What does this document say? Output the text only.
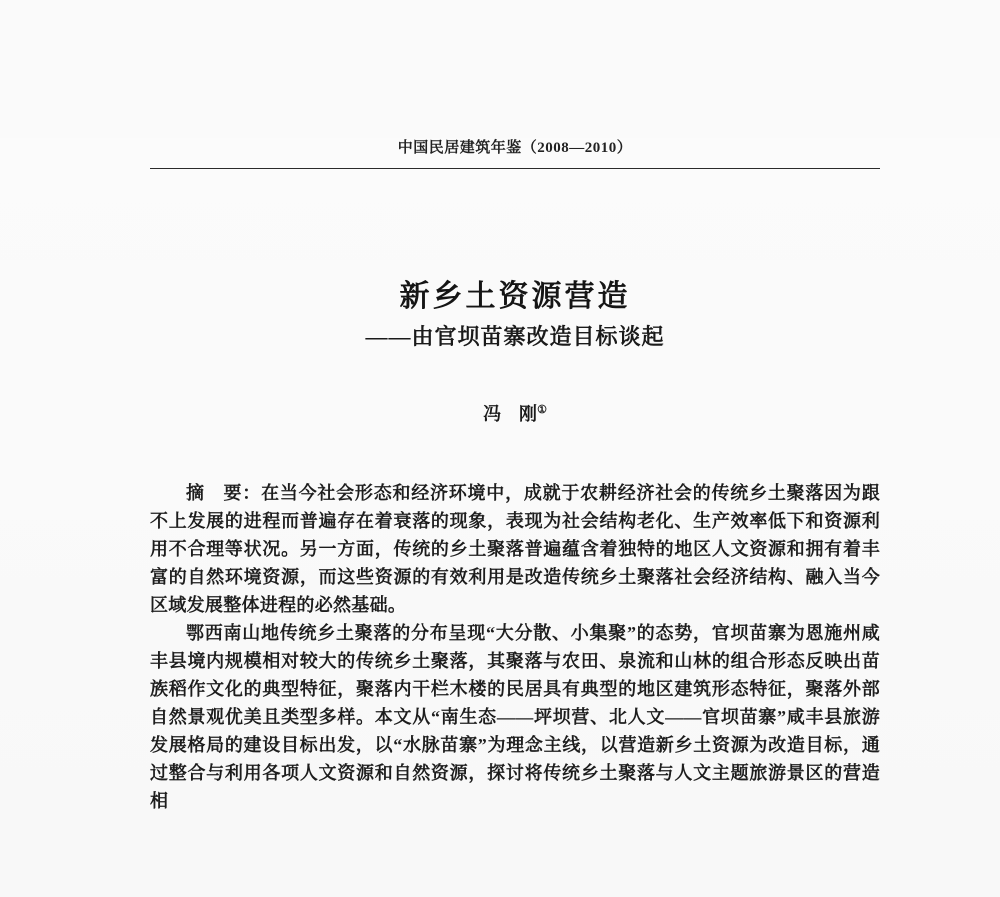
中国民居建筑年鉴（2008—2010）
新乡土资源营造
——由官坝苗寨改造目标谈起
冯　刚①

摘　要：在当今社会形态和经济环境中，成就于农耕经济社会的传统乡土聚落因为跟不上发展的进程而普遍存在着衰落的现象，表现为社会结构老化、生产效率低下和资源利用不合理等状况。另一方面，传统的乡土聚落普遍蕴含着独特的地区人文资源和拥有着丰富的自然环境资源，而这些资源的有效利用是改造传统乡土聚落社会经济结构、融入当今区域发展整体进程的必然基础。

鄂西南山地传统乡土聚落的分布呈现“大分散、小集聚”的态势，官坝苗寨为恩施州咸丰县境内规模相对较大的传统乡土聚落，其聚落与农田、泉流和山林的组合形态反映出苗族稻作文化的典型特征，聚落内干栏木楼的民居具有典型的地区建筑形态特征，聚落外部自然景观优美且类型多样。本文从“南生态——坪坝营、北人文——官坝苗寨”咸丰县旅游发展格局的建设目标出发，以“水脉苗寨”为理念主线，以营造新乡土资源为改造目标，通过整合与利用各项人文资源和自然资源，探讨将传统乡土聚落与人文主题旅游景区的营造相
